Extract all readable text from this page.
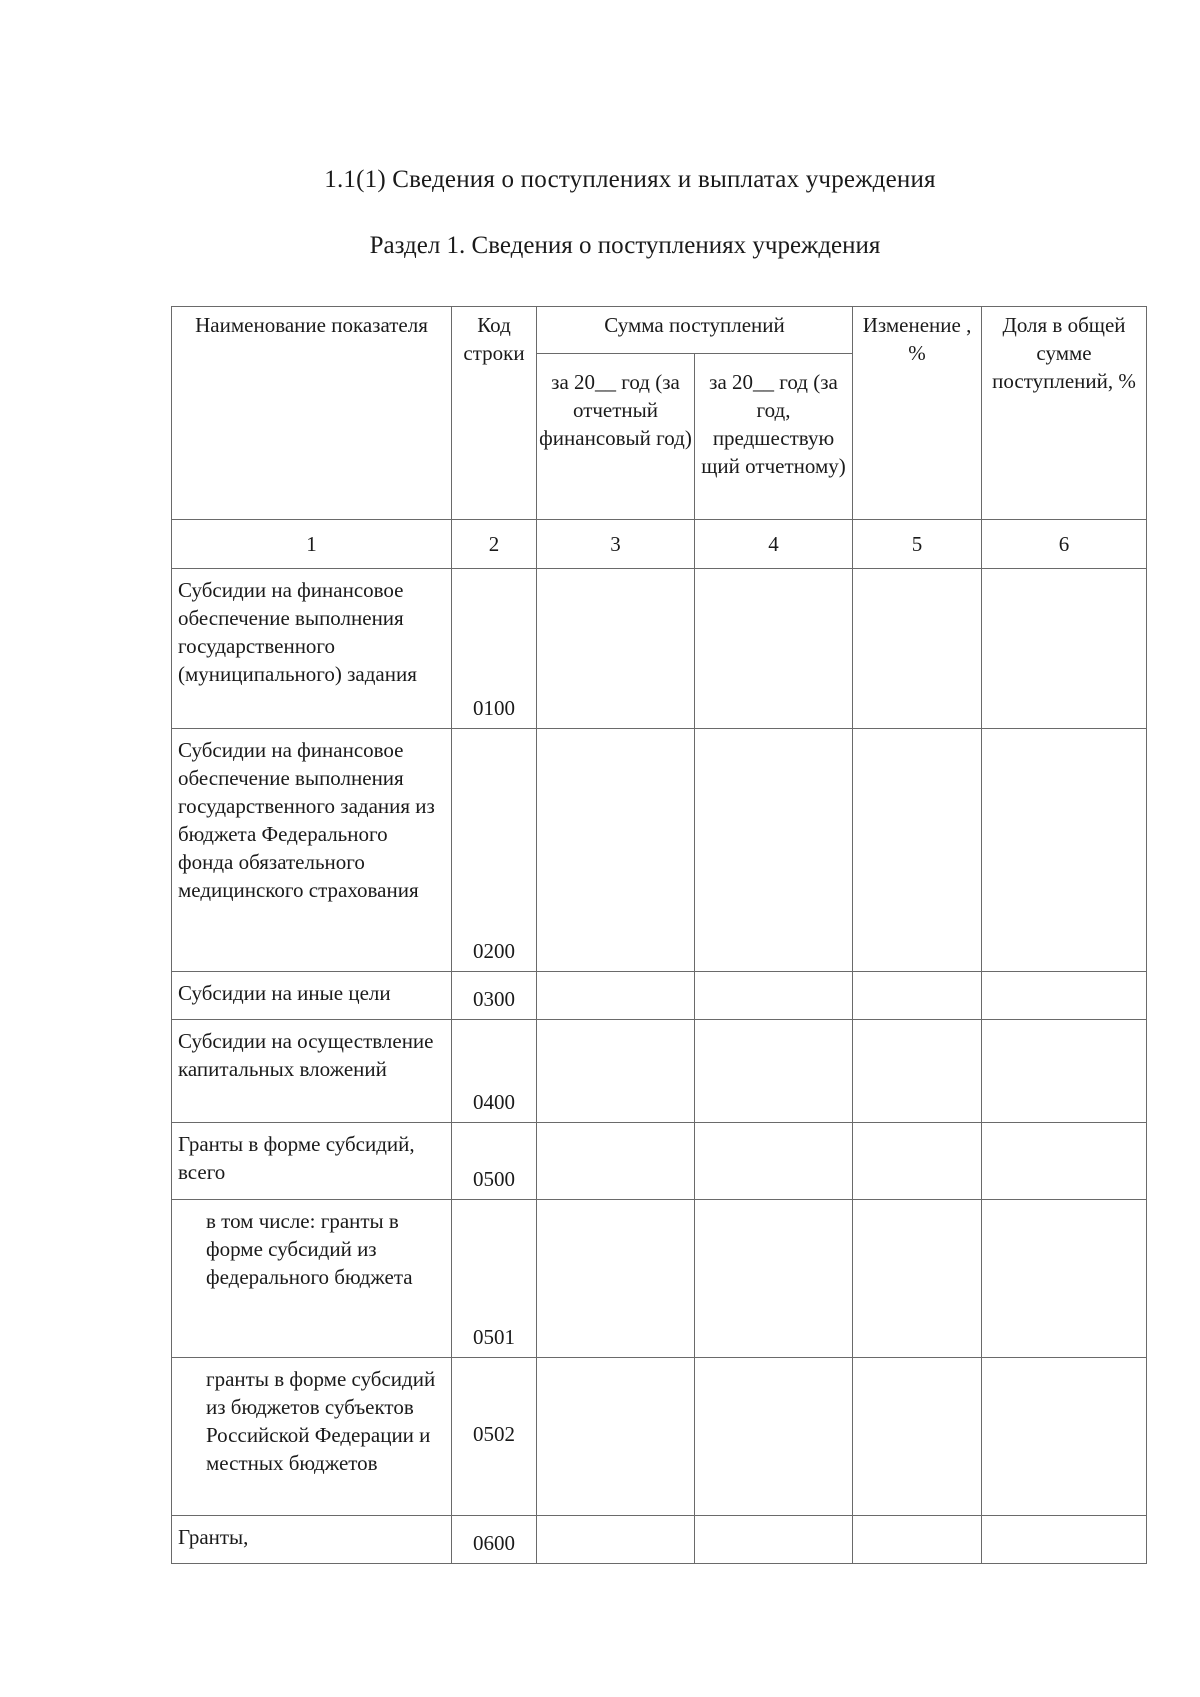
1.1(1) Сведения о поступлениях и выплатах учреждения
Раздел 1. Сведения о поступлениях учреждения
Наименование показателя	Код строки	Сумма поступлений		Изменение , %	Доля в общей сумме поступлений, %
		за 20__ год (за отчетный финансовый год)	за 20__ год (за год, предшествую щий отчетному)		
1	2	3	4	5	6
Субсидии на финансовое обеспечение выполнения государственного (муниципального) задания	0100				
Субсидии на финансовое обеспечение выполнения государственного задания из бюджета Федерального фонда обязательного медицинского страхования	0200				
Субсидии на иные цели	0300				
Субсидии на осуществление капитальных вложений	0400				
Гранты в форме субсидий, всего	0500				
в том числе: гранты в форме субсидий из федерального бюджета	0501				
гранты в форме субсидий из бюджетов субъектов Российской Федерации и местных бюджетов	0502				
Гранты,	0600				
